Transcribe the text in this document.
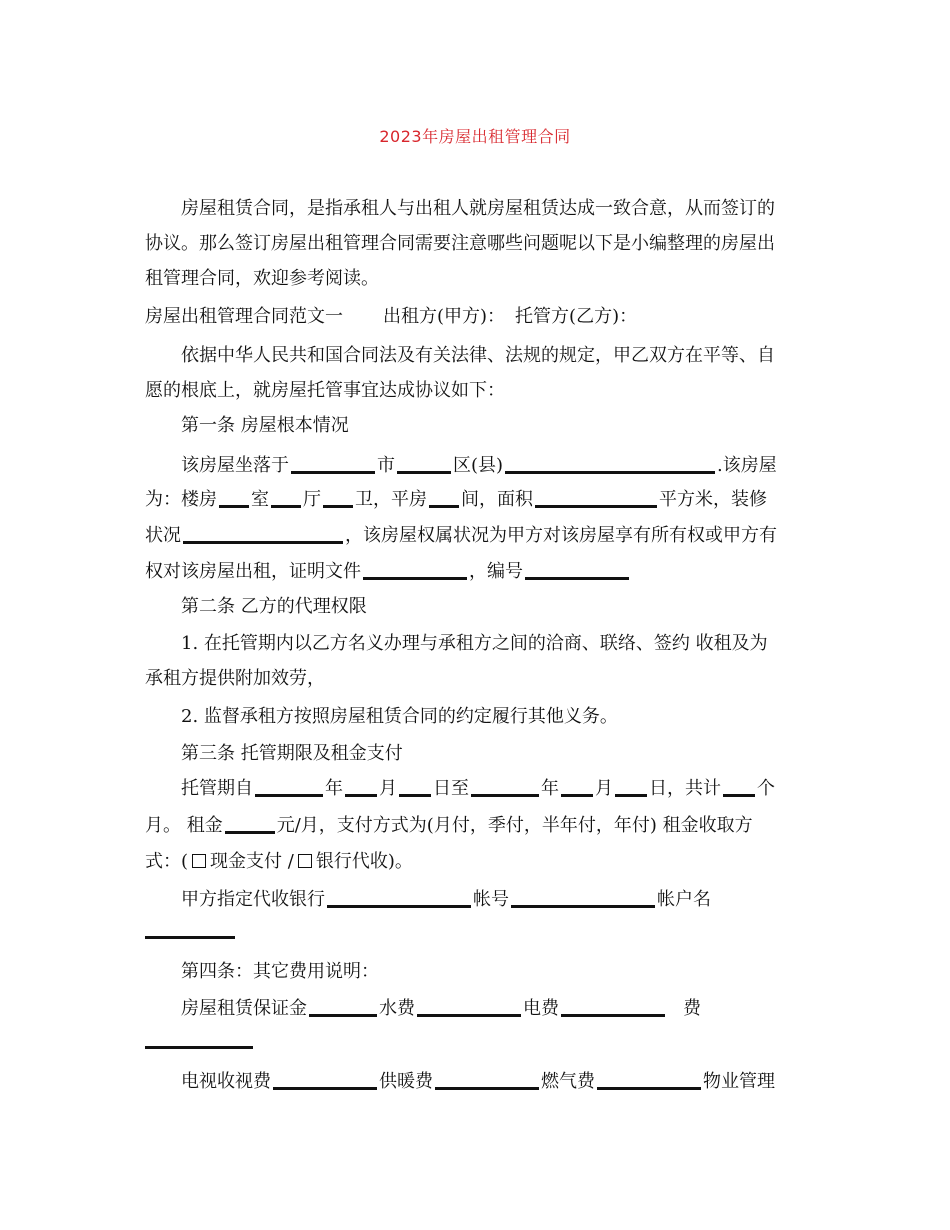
2023年房屋出租管理合同
房屋租赁合同，是指承租人与出租人就房屋租赁达成一致合意，从而签订的
协议。那么签订房屋出租管理合同需要注意哪些问题呢以下是小编整理的房屋出
租管理合同，欢迎参考阅读。
房屋出租管理合同范文一 出租方(甲方)： 托管方(乙方)：
依据中华人民共和国合同法及有关法律、法规的规定，甲乙双方在平等、自
愿的根底上，就房屋托管事宜达成协议如下：
第一条 房屋根本情况
该房屋坐落于	市	区(县)	.该房屋
为：楼房 室 厅 卫，平房 间，面积	平方米，装修
状况	，该房屋权属状况为甲方对该房屋享有所有权或甲方有
权对该房屋出租，证明文件	，编号
第二条 乙方的代理权限
1. 在托管期内以乙方名义办理与承租方之间的洽商、联络、签约 收租及为
承租方提供附加效劳，
2. 监督承租方按照房屋租赁合同的约定履行其他义务。
第三条 托管期限及租金支付
托管期自	年 月 日至	年 月 日，共计 个
月。 租金	元/月，支付方式为(月付，季付，半年付，年付) 租金收取方
式：( 现金支付 / 银行代收)。
甲方指定代收银行	帐号	帐户名
第四条：其它费用说明：
房屋租赁保证金	水费	电费	费
电视收视费	供暖费	燃气费	物业管理
